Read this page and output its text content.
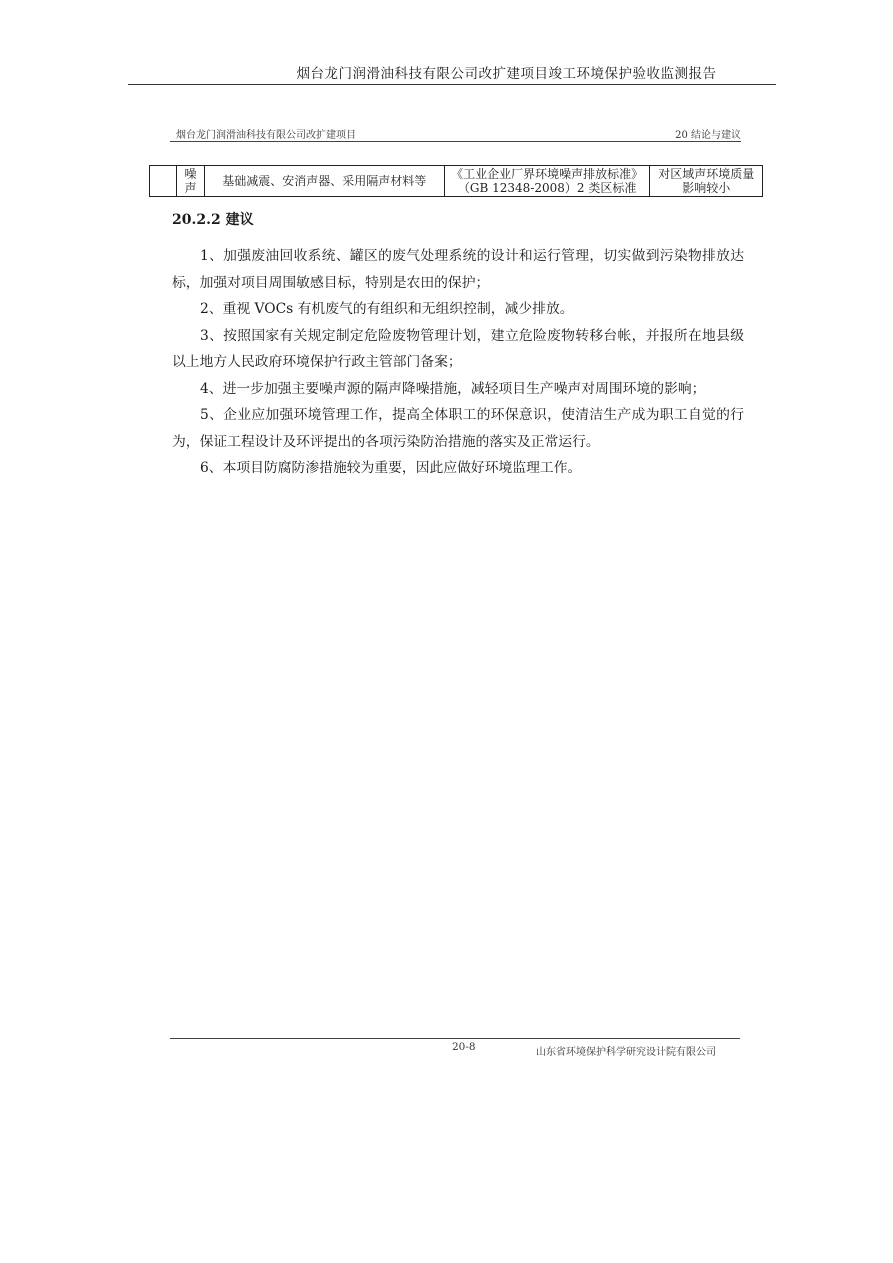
烟台龙门润滑油科技有限公司改扩建项目竣工环境保护验收监测报告
烟台龙门润滑油科技有限公司改扩建项目	20 结论与建议
	噪声	基础减震、安消声器、采用隔声材料等	《工业企业厂界环境噪声排放标准》（GB 12348-2008）2 类区标准	对区域声环境质量影响较小
20.2.2 建议

1、加强废油回收系统、罐区的废气处理系统的设计和运行管理，切实做到污染物排放达标，加强对项目周围敏感目标，特别是农田的保护；

2、重视 VOCs 有机废气的有组织和无组织控制，减少排放。

3、按照国家有关规定制定危险废物管理计划，建立危险废物转移台帐，并报所在地县级以上地方人民政府环境保护行政主管部门备案；

4、进一步加强主要噪声源的隔声降噪措施，减轻项目生产噪声对周围环境的影响；

5、企业应加强环境管理工作，提高全体职工的环保意识，使清洁生产成为职工自觉的行为，保证工程设计及环评提出的各项污染防治措施的落实及正常运行。

6、本项目防腐防渗措施较为重要，因此应做好环境监理工作。

20-8	山东省环境保护科学研究设计院有限公司
